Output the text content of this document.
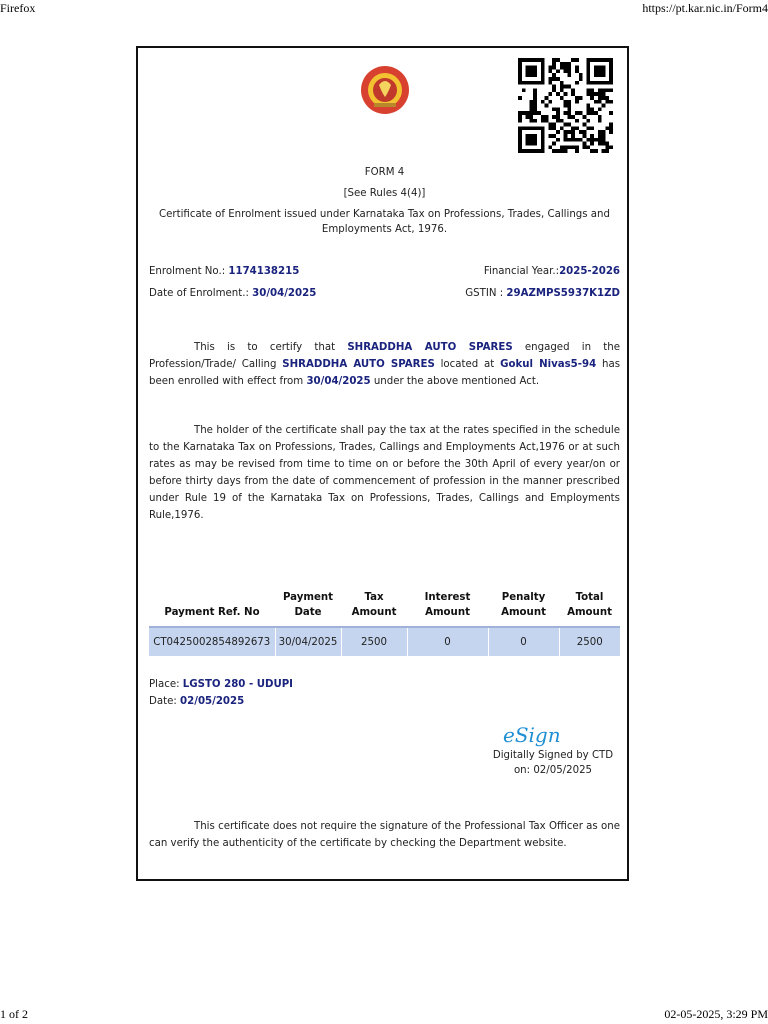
Firefox	https://pt.kar.nic.in/Form4
FORM 4
[See Rules 4(4)]
Certificate of Enrolment issued under Karnataka Tax on Professions, Trades, Callings and Employments Act, 1976.
Enrolment No.: 1174138215	Financial Year.:2025-2026
Date of Enrolment.: 30/04/2025	GSTIN : 29AZMPS5937K1ZD
This is to certify that SHRADDHA AUTO SPARES engaged in the Profession/Trade/ Calling SHRADDHA AUTO SPARES located at Gokul Nivas5-94 has been enrolled with effect from 30/04/2025 under the above mentioned Act.
The holder of the certificate shall pay the tax at the rates specified in the schedule to the Karnataka Tax on Professions, Trades, Callings and Employments Act,1976 or at such rates as may be revised from time to time on or before the 30th April of every year/on or before thirty days from the date of commencement of profession in the manner prescribed under Rule 19 of the Karnataka Tax on Professions, Trades, Callings and Employments Rule,1976.
Payment Ref. No	Payment Date	Tax Amount	Interest Amount	Penalty Amount	Total Amount
CT0425002854892673	30/04/2025	2500	0	0	2500
Place: LGSTO 280 - UDUPI
Date: 02/05/2025
eSign
Digitally Signed by CTD
on: 02/05/2025
This certificate does not require the signature of the Professional Tax Officer as one can verify the authenticity of the certificate by checking the Department website.
1 of 2	02-05-2025, 3:29 PM
